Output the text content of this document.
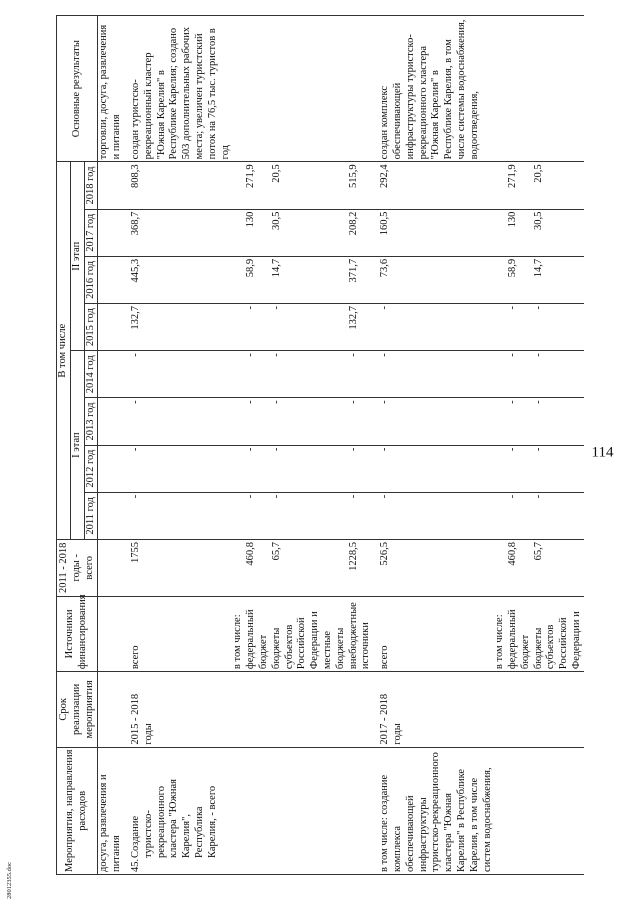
114
28012355.doc
Мероприятия, направления расходов	Срок реализации мероприятия	Источники финансирования	2011 - 2018 годы - всего	В том числе								Основные результаты
				I этап				II этап				
				2011 год	2012 год	2013 год	2014 год	2015 год	2016 год	2017 год	2018 год	
досуга, развлечения и питания												торговли, досуга, развлечения и питания
45.Создание туристско-рекреационного кластера "Южная Карелия", Республика Карелия, - всего	2015 - 2018 годы	всего	1755	-	-	-	-	132,7	445,3	368,7	808,3	создан туристско-рекреационный кластер "Южная Карелия" в Республике Карелия; создано 503 дополнительных рабочих места; увеличен туристский поток на 76,5 тыс. туристов в год
		в том числе:										
		федеральный бюджет	460,8	-	-	-	-	-	58,9	130	271,9	
		бюджеты субъектов Российской Федерации и местные бюджеты	65,7	-	-	-	-	-	14,7	30,5	20,5	
		внебюджетные источники	1228,5	-	-	-	-	132,7	371,7	208,2	515,9	
в том числе: создание комплекса обеспечивающей инфраструктуры туристско-рекреационного кластера "Южная Карелия" в Республике Карелия, в том числе систем водоснабжения,	2017 - 2018 годы	всего	526,5	-	-	-	-	-	73,6	160,5	292,4	создан комплекс обеспечивающей инфраструктуры туристско-рекреационного кластера "Южная Карелия" в Республике Карелия, в том числе системы водоснабжения, водоотведения,
		в том числе:										
		федеральный бюджет	460,8	-	-	-	-	-	58,9	130	271,9	
		бюджеты субъектов Российской Федерации и	65,7	-	-	-	-	-	14,7	30,5	20,5	
